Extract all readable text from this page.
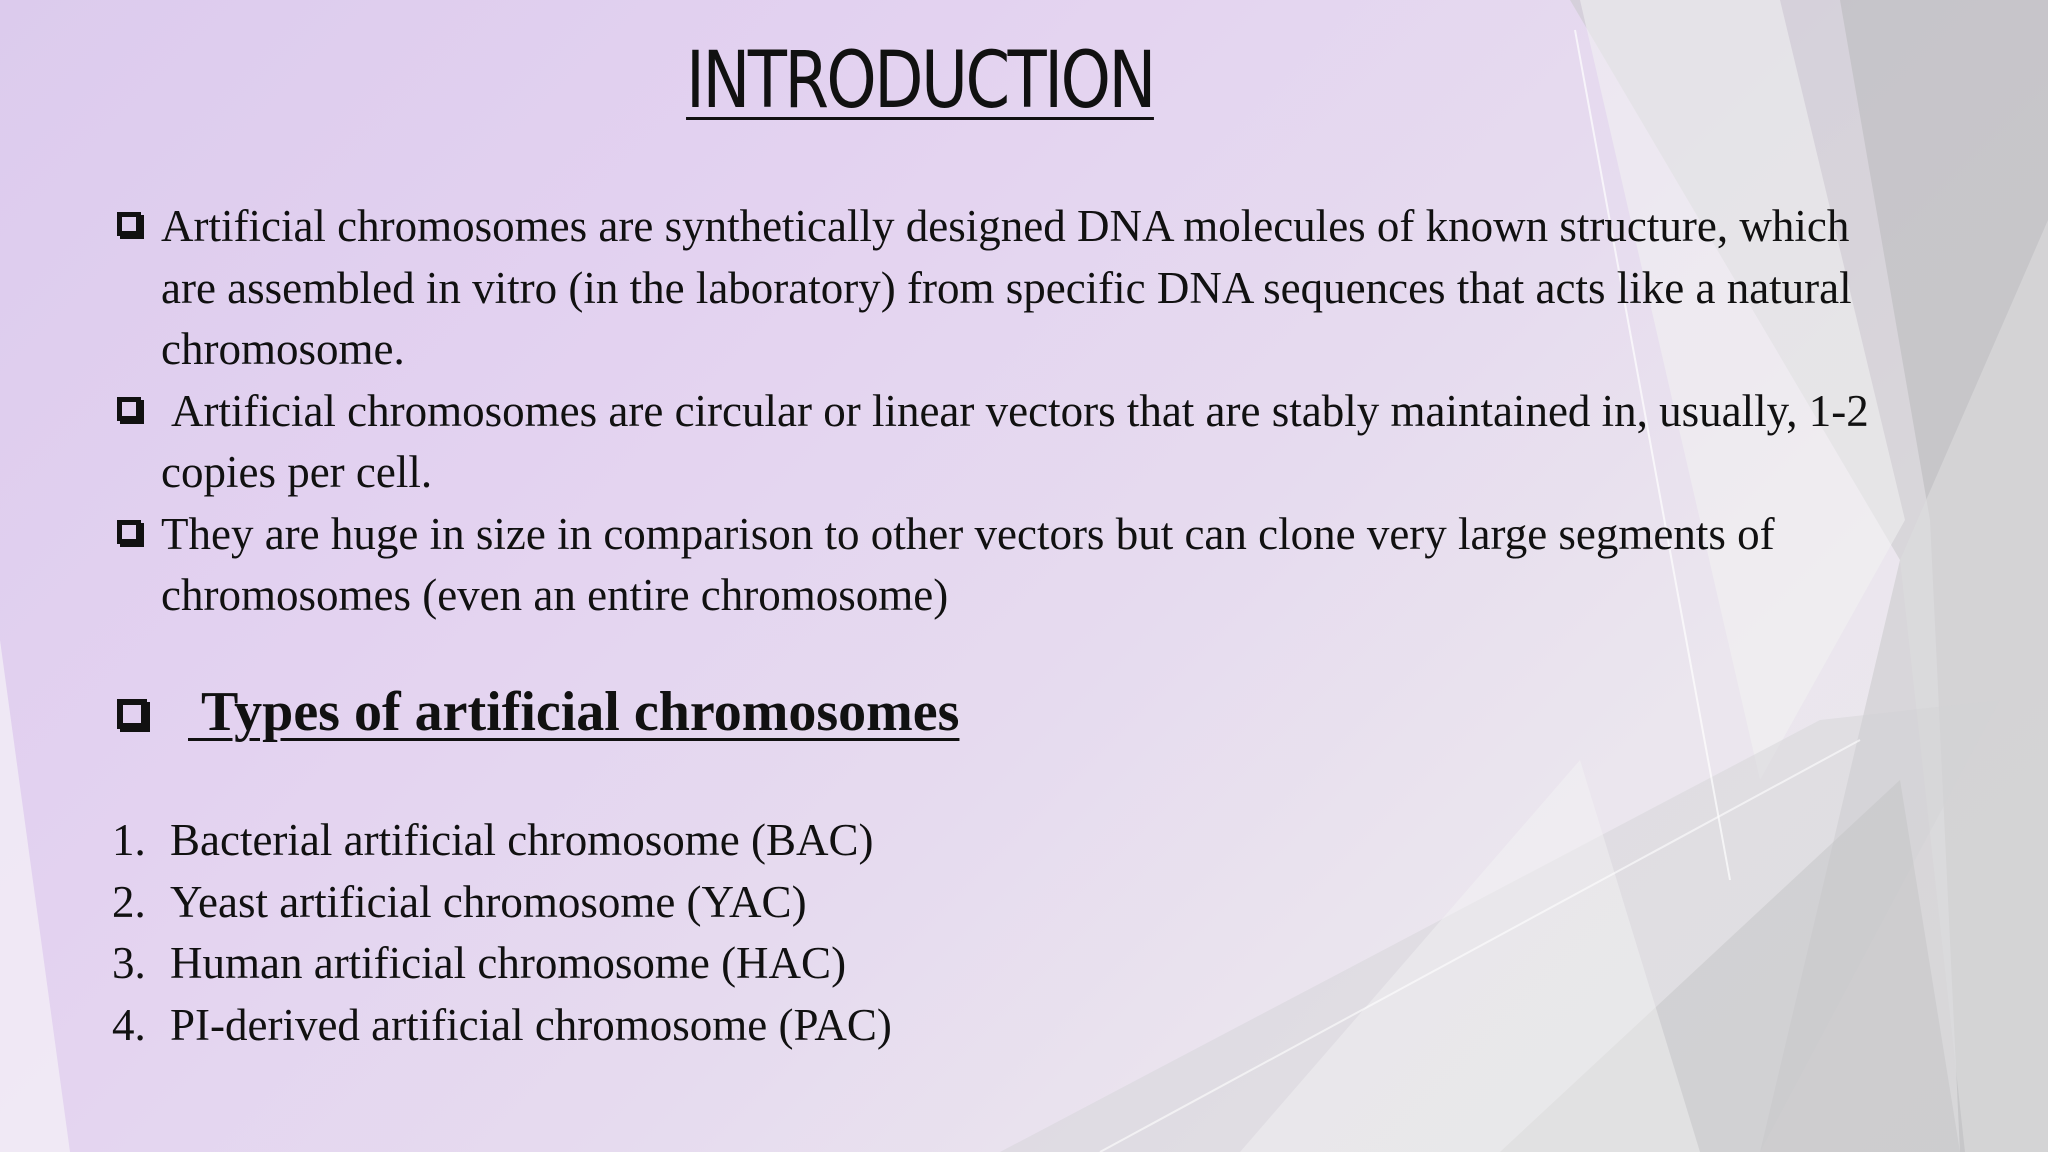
INTRODUCTION
Artificial chromosomes are synthetically designed DNA molecules of known structure, which are assembled in vitro (in the laboratory) from specific DNA sequences that acts like a natural chromosome.
Artificial chromosomes are circular or linear vectors that are stably maintained in, usually, 1-2 copies per cell.
They are huge in size in comparison to other vectors but can clone very large segments of chromosomes (even an entire chromosome)
Types of artificial chromosomes
1. Bacterial artificial chromosome (BAC)
2. Yeast artificial chromosome (YAC)
3. Human artificial chromosome (HAC)
4. PI-derived artificial chromosome (PAC)
